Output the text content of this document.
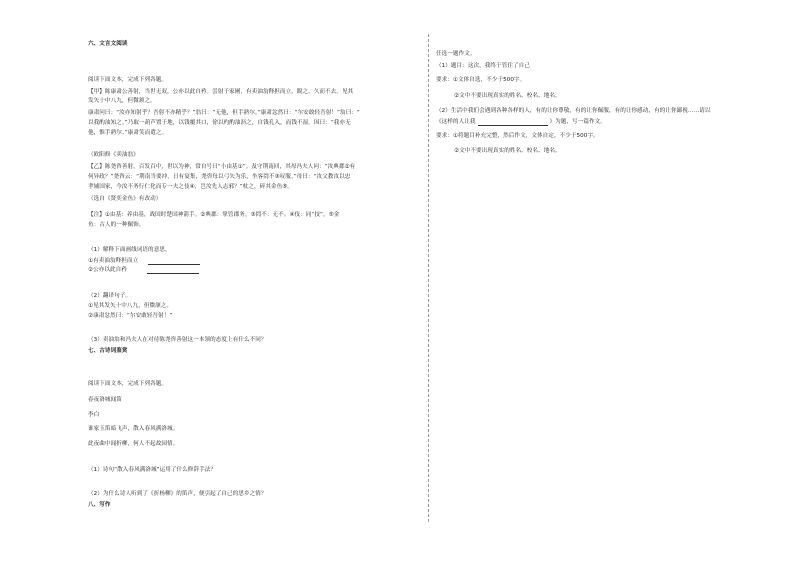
六、文言文阅读
阅读下面文本，完成下列各题。
【甲】陈康肃公善射，当世无双，公亦以此自矜。尝射于家圃，有卖油翁释担而立，睨之，久而不去。见其
发矢十中八九，但微颔之。
康肃问曰：“汝亦知射乎？吾射不亦精乎？”翁曰：“无他，但手熟尔。”康肃忿然曰：“尔安敢轻吾射！”翁曰：“
以我酌油知之。”乃取一葫芦置于地，以钱覆其口，徐以杓酌油沥之，自钱孔入，而钱不湿。因曰：“我亦无
他，惟手熟尔。”康肃笑而遣之。
（欧阳修《卖油翁》
【乙】陈尧咨善射，百发百中，世以为神，常自号曰“小由基①”。及守荆南回，其母冯夫人问：“汝典郡②有
何异政？”尧咨云：“荆南当要冲，日有宴集，尧咨每以弓矢为乐，坐客罔不③叹服。”母曰：“汝父教汝以忠
孝辅国家，今汝不务行仁化而专一夫之伎④，岂汝先人志邪？”杖之，碎其金鱼⑤。
（选自《贤奕金鱼》有改动）
【注】①由基：养由基，战国时楚国神箭手。②典郡：掌管郡务。③罔不：无不。④伎：同“技”。⑤金
鱼：古人的一种佩饰。
（1）解释下面画线词语的意思。
①有卖油翁释担而立
②公亦以此自矜
（2）翻译句子。
①见其发矢十中八九，但微颔之。
②康肃忿然曰：“尔安敢轻吾射！”
（3）卖油翁和冯夫人在对待陈尧咨善射这一本领的态度上有什么不同？
七、古诗词鉴赏
阅读下面文本，完成下列各题。
春夜洛城闻笛
李白
谁家玉笛暗飞声，散入春风满洛城。
此夜曲中闻折柳，何人不起故园情。
（1）诗句“散入春风满洛城”运用了什么修辞手法？
（2）为什么诗人听到了《折杨柳》的笛声，便引起了自己的思乡之情？
八、写作
任选一题作文。
（1）题目：这次，我终于管住了自己
要求：①文体自选，不少于500字。
②文中不要出现真实的姓名、校名、地名。
（2）生活中我们会遇到各种各样的人，有的让你尊敬，有的让你佩服，有的让你感动，有的让你鄙视……请以
《这样的人让我	》为题，写一篇作文。
要求：①将题目补充完整，然后作文，文体自定，不少于500字。
②文中不要出现真实的姓名、校名、地名。
